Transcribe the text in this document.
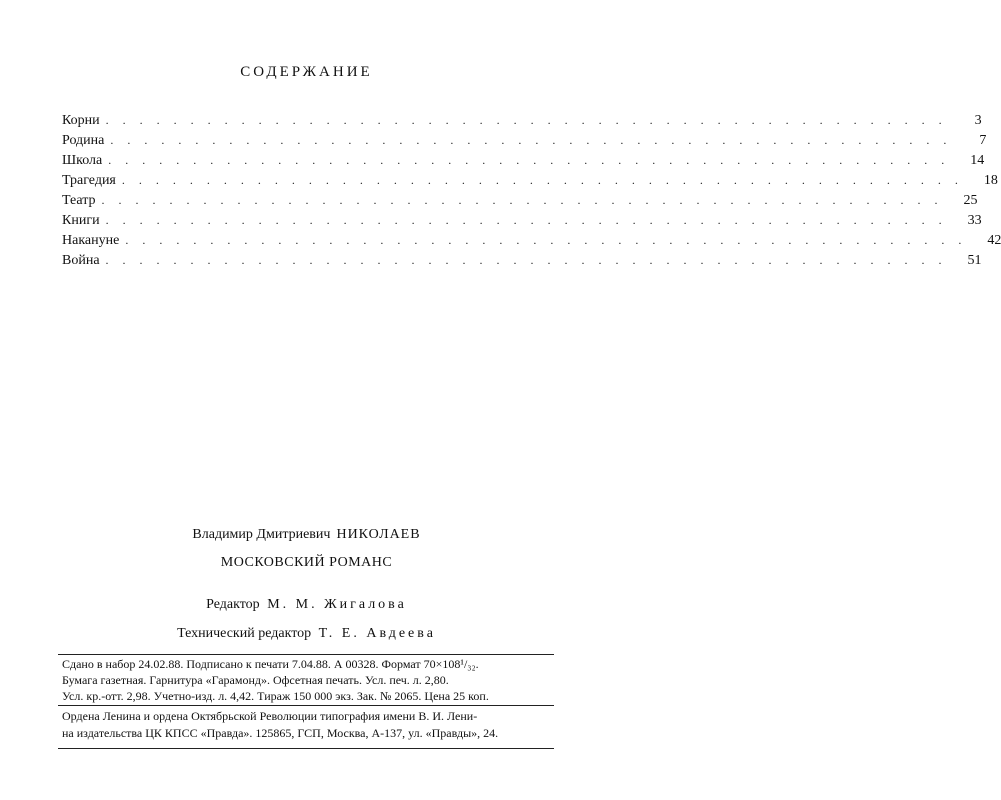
СОДЕРЖАНИЕ
Корни ..................................................	3
Родина ..................................................	7
Школа .................................................. 14
Трагедия .................................................. 18
Театр .................................................. 25
Книги .................................................. 33
Накануне .................................................. 42
Война .................................................. 51
Владимир Дмитриевич НИКОЛАЕВ
МОСКОВСКИЙ РОМАНС
Редактор М. М. Жигалова
Технический редактор Т. Е. Авдеева
Сдано в набор 24.02.88. Подписано к печати 7.04.88. А 00328. Формат 70×108¹/₃₂.
Бумага газетная. Гарнитура «Гарамонд». Офсетная печать. Усл. печ. л. 2,80.
Усл. кр.-отт. 2,98. Учетно-изд. л. 4,42. Тираж 150 000 экз. Зак. № 2065. Цена 25 коп.
Ордена Ленина и ордена Октябрьской Революции типография имени В. И. Лени-
на издательства ЦК КПСС «Правда». 125865, ГСП, Москва, А-137, ул. «Правды», 24.
